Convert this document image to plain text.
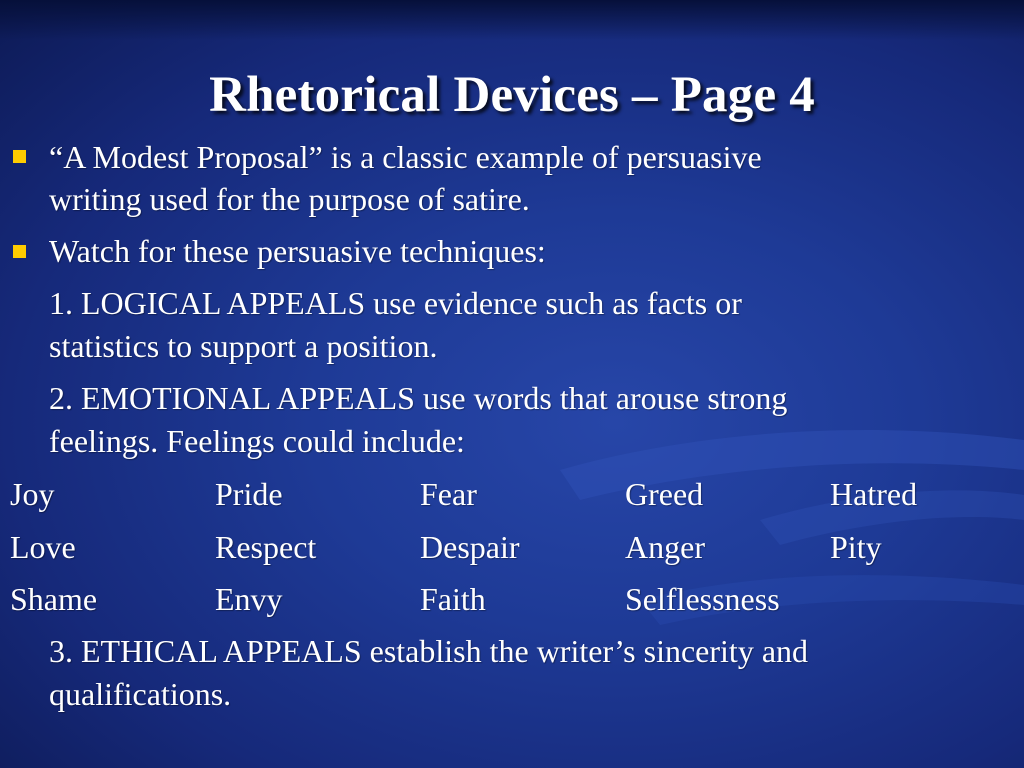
Rhetorical Devices – Page 4
“A Modest Proposal” is a classic example of persuasive
writing used for the purpose of satire.
Watch for these persuasive techniques:
1. LOGICAL APPEALS use evidence such as facts or
statistics to support a position.
2. EMOTIONAL APPEALS use words that arouse strong
feelings. Feelings could include:
Joy	Pride	Fear	Greed	Hatred
Love	Respect	Despair	Anger	Pity
Shame	Envy	Faith	Selflessness
3. ETHICAL APPEALS establish the writer’s sincerity and
qualifications.
